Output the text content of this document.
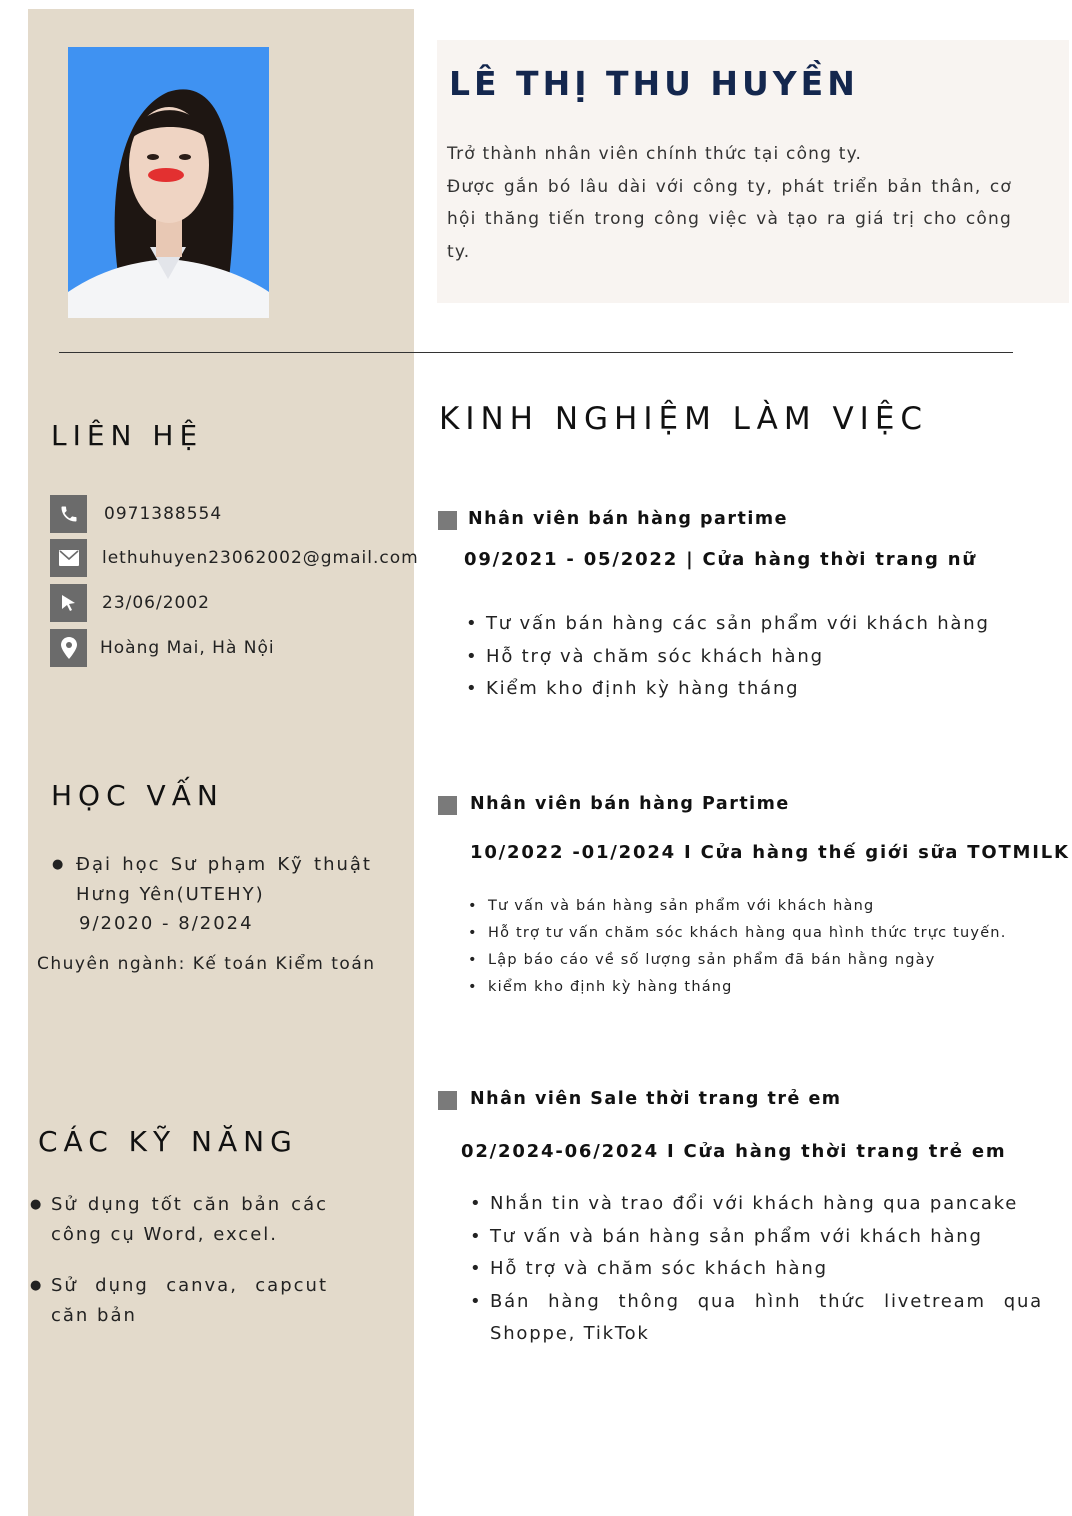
LÊ THỊ THU HUYỀN

Trở thành nhân viên chính thức tại công ty.

Được gắn bó lâu dài với công ty, phát triển bản thân, cơ hội thăng tiến trong công việc và tạo ra giá trị cho công ty.

LIÊN HỆ
0971388554
lethuhuyen23062002@gmail.com
23/06/2002
Hoàng Mai, Hà Nội
HỌC VẤN
● Đại học Sư phạm Kỹ thuật
Hưng Yên(UTEHY)
9/2020 - 8/2024
Chuyên ngành: Kế toán Kiểm toán
CÁC KỸ NĂNG
● Sử dụng tốt căn bản các
công cụ Word, excel.
● Sử dụng canva, capcut
căn bản
KINH NGHIỆM LÀM VIỆC
Nhân viên bán hàng partime
09/2021 - 05/2022 | Cửa hàng thời trang nữ
• Tư vấn bán hàng các sản phẩm với khách hàng
• Hỗ trợ và chăm sóc khách hàng
• Kiểm kho định kỳ hàng tháng
Nhân viên bán hàng Partime
10/2022 -01/2024 I Cửa hàng thế giới sữa TOTMILK
• Tư vấn và bán hàng sản phẩm với khách hàng
• Hỗ trợ tư vấn chăm sóc khách hàng qua hình thức trực tuyến.
• Lập báo cáo về số lượng sản phẩm đã bán hằng ngày
• kiểm kho định kỳ hàng tháng
Nhân viên Sale thời trang trẻ em
02/2024-06/2024 I Cửa hàng thời trang trẻ em
• Nhắn tin và trao đổi với khách hàng qua pancake
• Tư vấn và bán hàng sản phẩm với khách hàng
• Hỗ trợ và chăm sóc khách hàng
• Bán hàng thông qua hình thức livetream qua Shoppe, TikTok
